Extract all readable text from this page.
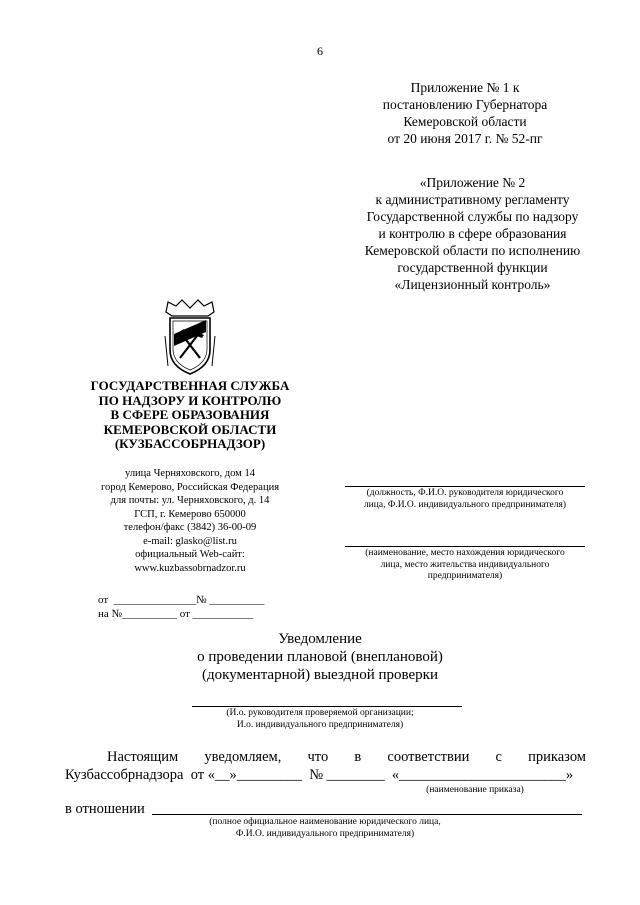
6
Приложение № 1 к
постановлению Губернатора
Кемеровской области
от 20 июня 2017 г. № 52-пг
«Приложение № 2
к административному регламенту
Государственной службы по надзору
и контролю в сфере образования
Кемеровской области по исполнению
государственной функции
«Лицензионный контроль»
ГОСУДАРСТВЕННАЯ СЛУЖБА
ПО НАДЗОРУ И КОНТРОЛЮ
В СФЕРЕ ОБРАЗОВАНИЯ
КЕМЕРОВСКОЙ ОБЛАСТИ
(КУЗБАССОБРНАДЗОР)
улица Черняховского, дом 14
город Кемерово, Российская Федерация
для почты: ул. Черняховского, д. 14
ГСП, г. Кемерово 650000
телефон/факс (3842) 36-00-09
e-mail: glasko@list.ru
официальный Web-сайт:
www.kuzbassobrnadzor.ru
(должность, Ф.И.О. руководителя юридического
лица, Ф.И.О. индивидуального предпринимателя)
(наименование, место нахождения юридического
лица, место жительства индивидуального
предпринимателя)
от  _______________№ __________
на №__________ от ___________
Уведомление
о проведении плановой (внеплановой)
(документарной) выездной проверки
(И.о. руководителя проверяемой организации;
И.о. индивидуального предпринимателя)
Настоящим уведомляем, что в соответствии с приказом
Кузбассобрнадзора  от «__»_________  № ________  «_______________________»
(наименование приказа)
в отношении
(полное официальное наименование юридического лица,
Ф.И.О. индивидуального предпринимателя)
